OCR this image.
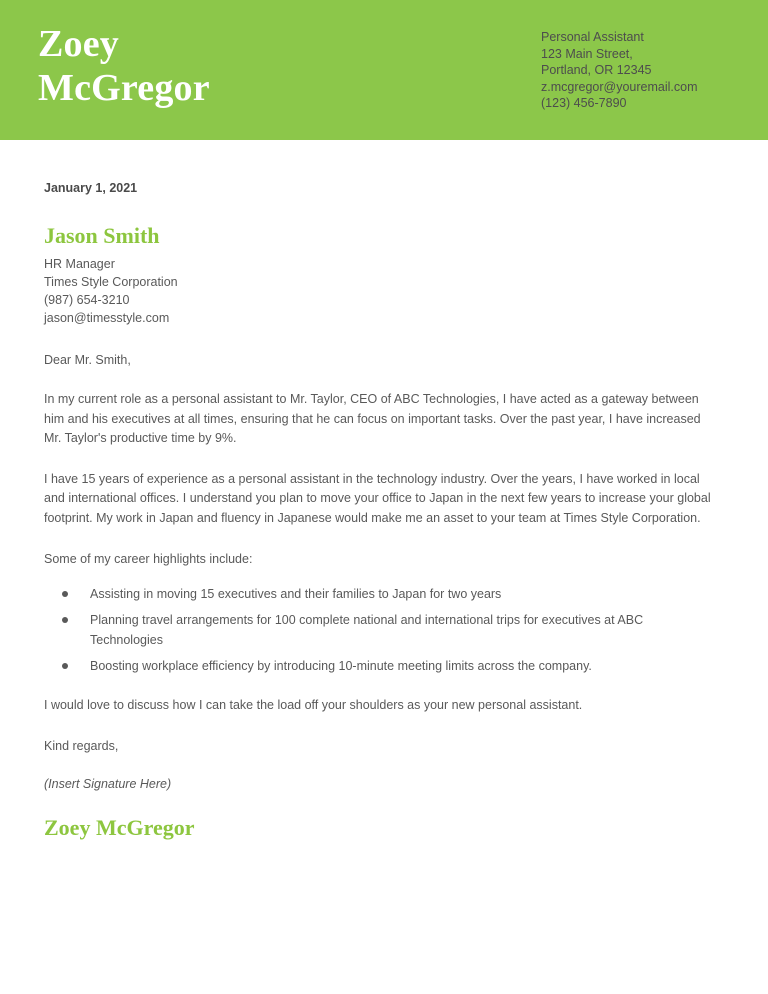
Zoey
McGregor
Personal Assistant
123 Main Street,
Portland, OR 12345
z.mcgregor@youremail.com
(123) 456-7890
January 1, 2021
Jason Smith
HR Manager
Times Style Corporation
(987) 654-3210
jason@timesstyle.com
Dear Mr. Smith,

In my current role as a personal assistant to Mr. Taylor, CEO of ABC Technologies, I have acted as a gateway between him and his executives at all times, ensuring that he can focus on important tasks. Over the past year, I have increased Mr. Taylor's productive time by 9%.

I have 15 years of experience as a personal assistant in the technology industry. Over the years, I have worked in local and international offices. I understand you plan to move your office to Japan in the next few years to increase your global footprint. My work in Japan and fluency in Japanese would make me an asset to your team at Times Style Corporation.

Some of my career highlights include:
Assisting in moving 15 executives and their families to Japan for two years
Planning travel arrangements for 100 complete national and international trips for executives at ABC Technologies
Boosting workplace efficiency by introducing 10-minute meeting limits across the company.
I would love to discuss how I can take the load off your shoulders as your new personal assistant.
Kind regards,
(Insert Signature Here)
Zoey McGregor
